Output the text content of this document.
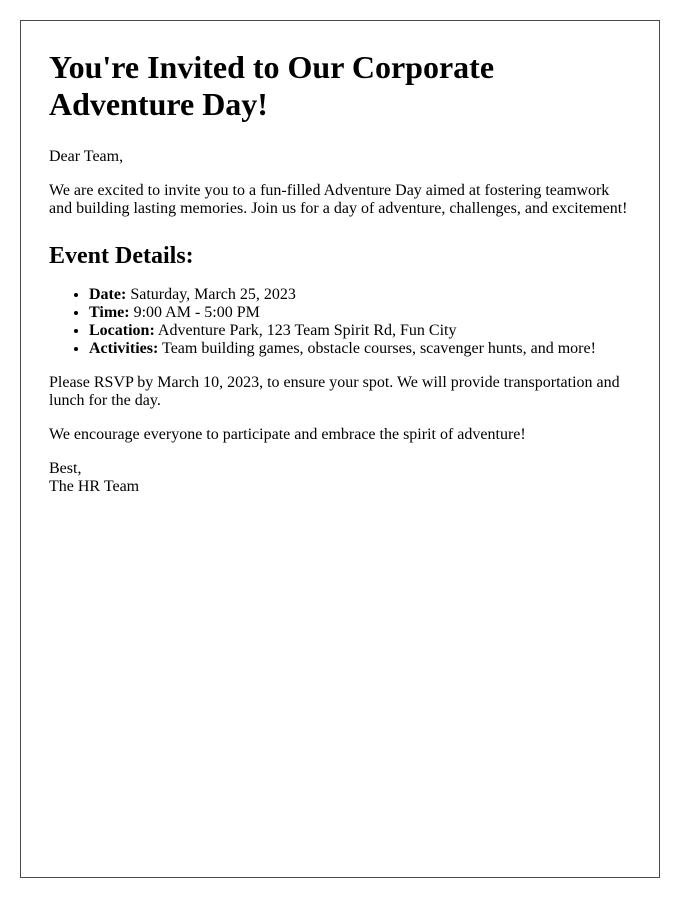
You're Invited to Our Corporate Adventure Day!

Dear Team,

We are excited to invite you to a fun-filled Adventure Day aimed at fostering teamwork and building lasting memories. Join us for a day of adventure, challenges, and excitement!

Event Details:
• Date: Saturday, March 25, 2023
• Time: 9:00 AM - 5:00 PM
• Location: Adventure Park, 123 Team Spirit Rd, Fun City
• Activities: Team building games, obstacle courses, scavenger hunts, and more!

Please RSVP by March 10, 2023, to ensure your spot. We will provide transportation and lunch for the day.

We encourage everyone to participate and embrace the spirit of adventure!

Best,
The HR Team
